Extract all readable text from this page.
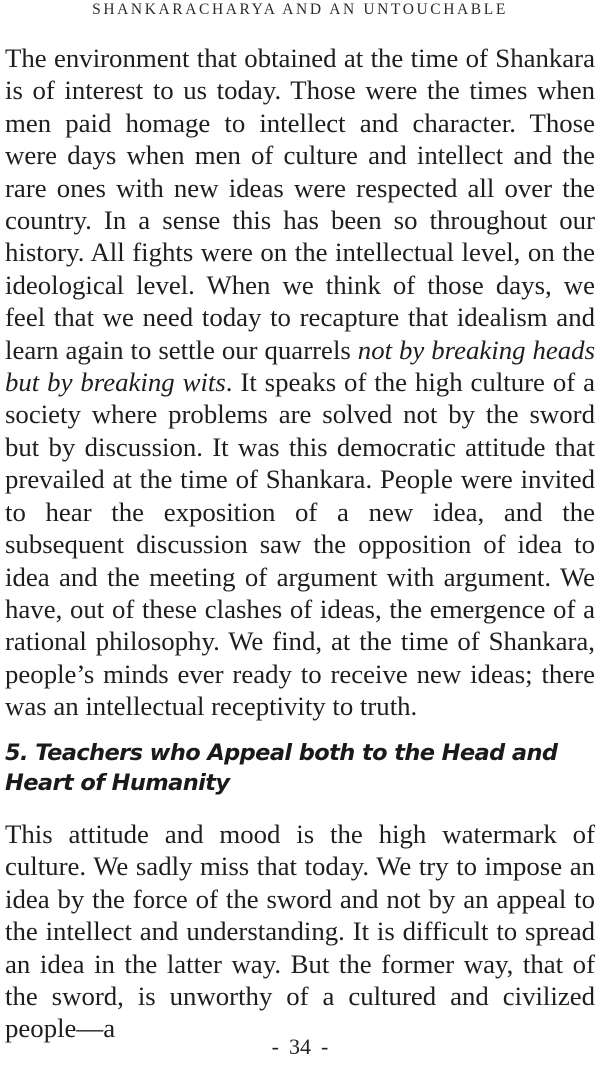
SHANKARACHARYA AND AN UNTOUCHABLE

The environment that obtained at the time of Shankara is of interest to us today. Those were the times when men paid homage to intellect and character. Those were days when men of culture and intellect and the rare ones with new ideas were respected all over the country. In a sense this has been so throughout our history. All fights were on the intellectual level, on the ideological level. When we think of those days, we feel that we need today to recapture that idealism and learn again to settle our quarrels not by breaking heads but by breaking wits. It speaks of the high culture of a society where problems are solved not by the sword but by discussion. It was this democratic attitude that prevailed at the time of Shankara. People were invited to hear the exposition of a new idea, and the subsequent discussion saw the opposition of idea to idea and the meeting of argument with argument. We have, out of these clashes of ideas, the emergence of a rational philosophy. We find, at the time of Shankara, people’s minds ever ready to receive new ideas; there was an intellectual receptivity to truth.

5. Teachers who Appeal both to the Head and Heart of Humanity

This attitude and mood is the high watermark of culture. We sadly miss that today. We try to impose an idea by the force of the sword and not by an appeal to the intellect and understanding. It is difficult to spread an idea in the latter way. But the former way, that of the sword, is unworthy of a cultured and civilized people—a

- 34 -
